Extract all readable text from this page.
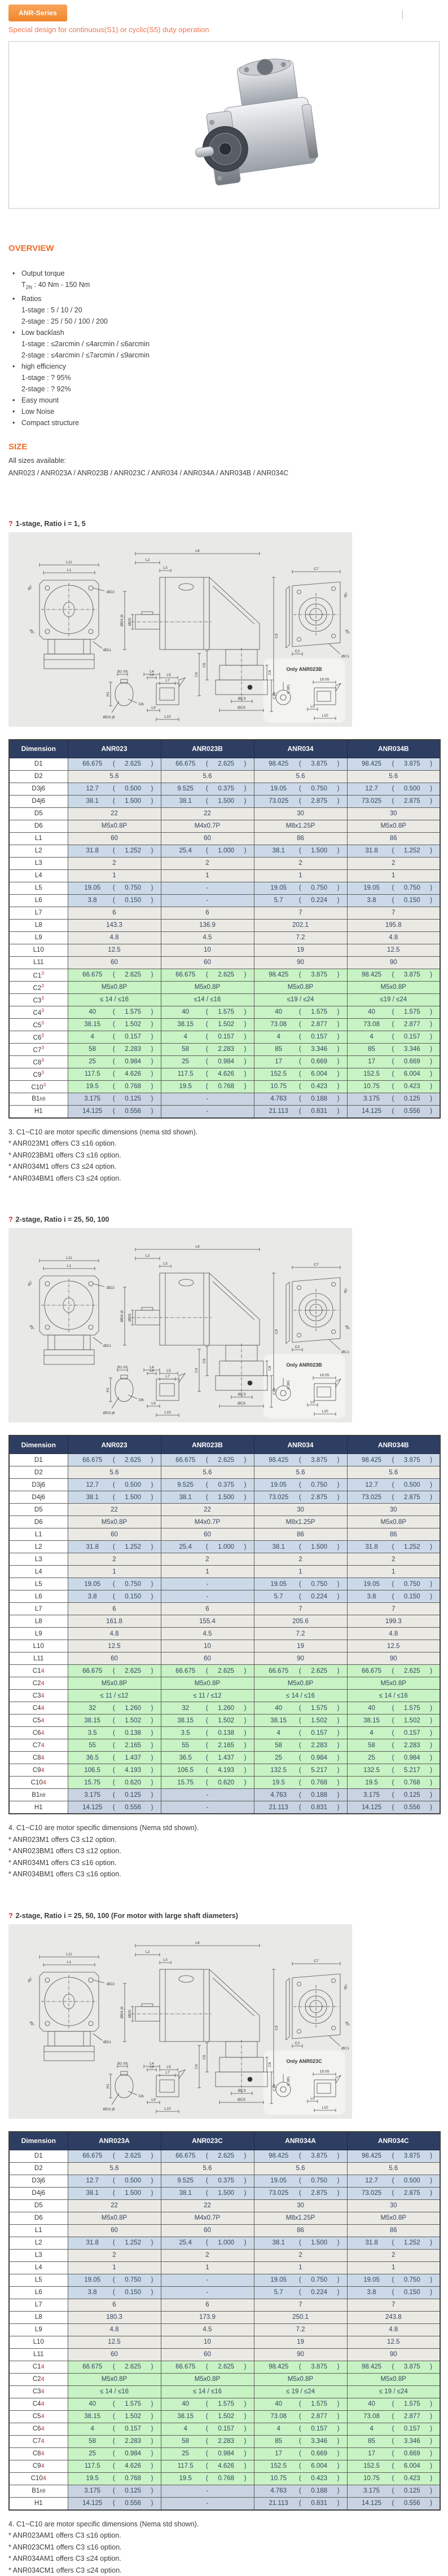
ANR-Series
Special design for continuous(S1) or cyclic(S5) duty operation
OVERVIEW
• Output torque
$T_{2N}$ : 40 Nm - 150 Nm
• Ratios
1-stage : 5 / 10 / 20
2-stage : 25 / 50 / 100 / 200
• Low backlash
1-stage : ≤2arcmin / ≤4arcmin / ≤6arcmin
2-stage : ≤4arcmin / ≤7arcmin / ≤9arcmin
• high efficiency
1-stage : ? 95%
2-stage : ? 92%
• Easy mount
• Low Noise
• Compact structure
SIZE
All sizes available:
ANR023 / ANR023A / ANR023B / ANR023C / ANR034 / ANR034A / ANR034B / ANR034C
? 1-stage, Ratio i = 1, 5
L11
L1
ØD2
ØD1
45°
45°
L8
L2
L3
ØD4 j6 ØD5
C9
L4
L7
C4
C6
C8
ØC3
ØC5
C10
C7
C2
ØC1
45°
45°
B1 h9
H1
D6
ØD3 j6
L6	L5
L9
L10
Only ANR023B
0.381
19.05
L9
L10
Dimension	ANR023	ANR023B	ANR034	ANR034B
D1	66.675 ( 2.625 )	66.675 ( 2.625 )	98.425 ( 3.875 )	98.425 ( 3.875 )

D2	5.6	5.6	5.6	5.6
D3j6	12.7 ( 0.500 )	9.525 ( 0.375 )	19.05 ( 0.750 )	12.7 ( 0.500 )

D4j6	38.1 ( 1.500 )	38.1 ( 1.500 )	73.025 ( 2.875 )	73.025 ( 2.875 )

D5	22	22	30	30
D6	M5x0.8P	M4x0.7P	M8x1.25P	M5x0.8P
L1	60	60	86	86
L2	31.8 ( 1.252 )	25.4 ( 1.000 )	38.1 ( 1.500 )	31.8 ( 1.252 )

L3	2	2	2	2
L4	1	1	1	1
L5	19.05 ( 0.750 )	-	19.05 ( 0.750 )	19.05 ( 0.750 )

L6	3.8 ( 0.150 )	-	5.7 ( 0.224 )	3.8 ( 0.150 )

L7	6	6	7	7
L8	143.3	136.9	202.1	195.8
L9	4.8	4.5	7.2	4.8
L10	12.5	10	19	12.5
L11	60	60	90	90
$C1^3$	66.675 ( 2.625 )	66.675 ( 2.625 )	98.425 ( 3.875 )	98.425 ( 3.875 )

$C2^3$	M5x0.8P	M5x0.8P	M5x0.8P	M5x0.8P
$C3^3$	≤ 14 / ≤16	≤14 / ≤16	≤19 / ≤24	≤19 / ≤24
$C4^3$	40 ( 1.575 )	40 ( 1.575 )	40 ( 1.575 )	40 ( 1.575 )

$C5^3$	38.15 ( 1.502 )	38.15 ( 1.502 )	73.08 ( 2.877 )	73.08 ( 2.877 )

$C6^3$	4 ( 0.157 )	4 ( 0.157 )	4 ( 0.157 )	4 ( 0.157 )

$C7^3$	58 ( 2.283 )	58 ( 2.283 )	85 ( 3.346 )	85 ( 3.346 )

$C8^3$	25 ( 0.984 )	25 ( 0.984 )	17 ( 0.669 )	17 ( 0.669 )

$C9^3$	117.5 ( 4.626 )	117.5 ( 4.626 )	152.5 ( 6.004 )	152.5 ( 6.004 )

$C10^3$	19.5 ( 0.768 )	19.5 ( 0.768 )	10.75 ( 0.423 )	10.75 ( 0.423 )

B1h9	3.175 ( 0.125 )	-	4.763 ( 0.188 )	3.175 ( 0.125 )

H1	14.125 ( 0.556 )	-	21.113 ( 0.831 )	14.125 ( 0.556 )
3. C1~C10 are motor specific dimensions (nema std shown).
* ANR023M1 offers C3 ≤16 option.
* ANR023BM1 offers C3 ≤16 option.
* ANR034M1 offers C3 ≤24 option.
* ANR034BM1 offers C3 ≤24 option.
? 2-stage, Ratio i = 25, 50, 100
L11
L1
ØD2
ØD1
45°
45°
L8
L2
L3
ØD4 j6 ØD5
C9
L4
L7
C4
C6
C8
ØC3
ØC5
C10
C7
C2
ØC1
45°
45°
B1 h9
H1
D6
ØD3 j6
L6	L5
L9
L10
Only ANR023B
0.381
19.05
L9
L10
Dimension	ANR023	ANR023B	ANR034	ANR034B
D1	66.675 ( 2.625 )	66.675 ( 2.625 )	98.425 ( 3.875 )	98.425 ( 3.875 )

D2	5.6	5.6	5.6	5.6
D3j6	12.7 ( 0.500 )	9.525 ( 0.375 )	19.05 ( 0.750 )	12.7 ( 0.500 )

D4j6	38.1 ( 1.500 )	38.1 ( 1.500 )	73.025 ( 2.875 )	73.025 ( 2.875 )

D5	22	22	30	30
D6	M5x0.8P	M4x0.7P	M8x1.25P	M5x0.8P
L1	60	60	86	86
L2	31.8 ( 1.252 )	25.4 ( 1.000 )	38.1 ( 1.500 )	31.8 ( 1.252 )

L3	2	2	2	2
L4	1	1	1	1
L5	19.05 ( 0.750 )	-	19.05 ( 0.750 )	19.05 ( 0.750 )

L6	3.8 ( 0.150 )	-	5.7 ( 0.224 )	3.8 ( 0.150 )

L7	6	6	7	7
L8	161.8	155.4	205.6	199.3
L9	4.8	4.5	7.2	4.8
L10	12.5	10	19	12.5
L11	60	60	90	90
C14	66.675 ( 2.625 )	66.675 ( 2.625 )	66.675 ( 2.625 )	66.675 ( 2.625 )

C24	M5x0.8P	M5x0.8P	M5x0.8P	M5x0.8P
C34	≤ 11 / ≤12	≤ 11 / ≤12	≤ 14 / ≤16	≤ 14 / ≤16
C44	32 ( 1.260 )	32 ( 1.260 )	40 ( 1.575 )	40 ( 1.575 )

C54	38.15 ( 1.502 )	38.15 ( 1.502 )	38.15 ( 1.502 )	38.15 ( 1.502 )

C64	3.5 ( 0.138 )	3.5 ( 0.138 )	4 ( 0.157 )	4 ( 0.157 )

C74	55 ( 2.165 )	55 ( 2.165 )	58 ( 2.283 )	58 ( 2.283 )

C84	36.5 ( 1.437 )	36.5 ( 1.437 )	25 ( 0.984 )	25 ( 0.984 )

C94	106.5 ( 4.193 )	106.5 ( 4.193 )	132.5 ( 5.217 )	132.5 ( 5.217 )

C104	15.75 ( 0.620 )	15.75 ( 0.620 )	19.5 ( 0.768 )	19.5 ( 0.768 )

B1h9	3.175 ( 0.125 )	-	4.763 ( 0.188 )	3.175 ( 0.125 )

H1	14.125 ( 0.556 )	-	21.113 ( 0.831 )	14.125 ( 0.556 )
4. C1~C10 are motor specific dimensions (Nema std shown).
* ANR023M1 offers C3 ≤12 option.
* ANR023BM1 offers C3 ≤12 option.
* ANR034M1 offers C3 ≤16 option.
* ANR034BM1 offers C3 ≤16 option.
? 2-stage, Ratio i = 25, 50, 100 (For motor with large shaft diameters)
L11
L1
ØD2
ØD1
45°
45°
L8
L2
L3
ØD4 j6 ØD5
C9
L4
L7
C4
C6
C8
ØC3
ØC5
C10
C7
C2
ØC1
45°
45°
B1 h9
H1
D6
ØD3 j6
L6	L5
L9
L10
Only ANR023C
0.381
19.05
L9
L10
Dimension	ANR023A	ANR023C	ANR034A	ANR034C
D1	66.675 ( 2.625 )	66.675 ( 2.625 )	98.425 ( 3.875 )	98.425 ( 3.875 )

D2	5.6	5.6	5.6	5.6
D3j6	12.7 ( 0.500 )	9.525 ( 0.375 )	19.05 ( 0.750 )	12.7 ( 0.500 )

D4j6	38.1 ( 1.500 )	38.1 ( 1.500 )	73.025 ( 2.875 )	73.025 ( 2.875 )

D5	22	22	30	30
D6	M5x0.8P	M4x0.7P	M8x1.25P	M5x0.8P
L1	60	60	86	86
L2	31.8 ( 1.252 )	25.4 ( 1.000 )	38.1 ( 1.500 )	31.8 ( 1.252 )

L3	2	2	2	2
L4	1	1	1	1
L5	19.05 ( 0.750 )	-	19.05 ( 0.750 )	19.05 ( 0.750 )

L6	3.8 ( 0.150 )	-	5.7 ( 0.224 )	3.8 ( 0.150 )

L7	6	6	7	7
L8	180.3	173.9	250.1	243.8
L9	4.8	4.5	7.2	4.8
L10	12.5	10	19	12.5
L11	60	60	90	90
C14	66.675 ( 2.625 )	66.675 ( 2.625 )	98.425 ( 3.875 )	98.425 ( 3.875 )

C24	M5x0.8P	M5x0.8P	M5x0.8P	M5x0.8P
C34	≤ 14 / ≤16	≤ 14 / ≤16	≤ 19 / ≤24	≤ 19 / ≤24
C44	40 ( 1.575 )	40 ( 1.575 )	40 ( 1.575 )	40 ( 1.575 )

C54	38.15 ( 1.502 )	38.15 ( 1.502 )	73.08 ( 2.877 )	73.08 ( 2.877 )

C64	4 ( 0.157 )	4 ( 0.157 )	4 ( 0.157 )	4 ( 0.157 )

C74	58 ( 2.283 )	58 ( 2.283 )	85 ( 3.346 )	85 ( 3.346 )

C84	25 ( 0.984 )	25 ( 0.984 )	17 ( 0.669 )	17 ( 0.669 )

C94	117.5 ( 4.626 )	117.5 ( 4.626 )	152.5 ( 6.004 )	152.5 ( 6.004 )

C104	19.5 ( 0.768 )	19.5 ( 0.768 )	10.75 ( 0.423 )	10.75 ( 0.423 )

B1h9	3.175 ( 0.125 )	-	4.763 ( 0.188 )	3.175 ( 0.125 )

H1	14.125 ( 0.556 )	-	21.113 ( 0.831 )	14.125 ( 0.556 )
4. C1~C10 are motor specific dimensions (Nema std shown).
* ANR023AM1 offers C3 ≤16 option.
* ANR023CM1 offers C3 ≤16 option.
* ANR034AM1 offers C3 ≤24 option.
* ANR034CM1 offers C3 ≤24 option.
